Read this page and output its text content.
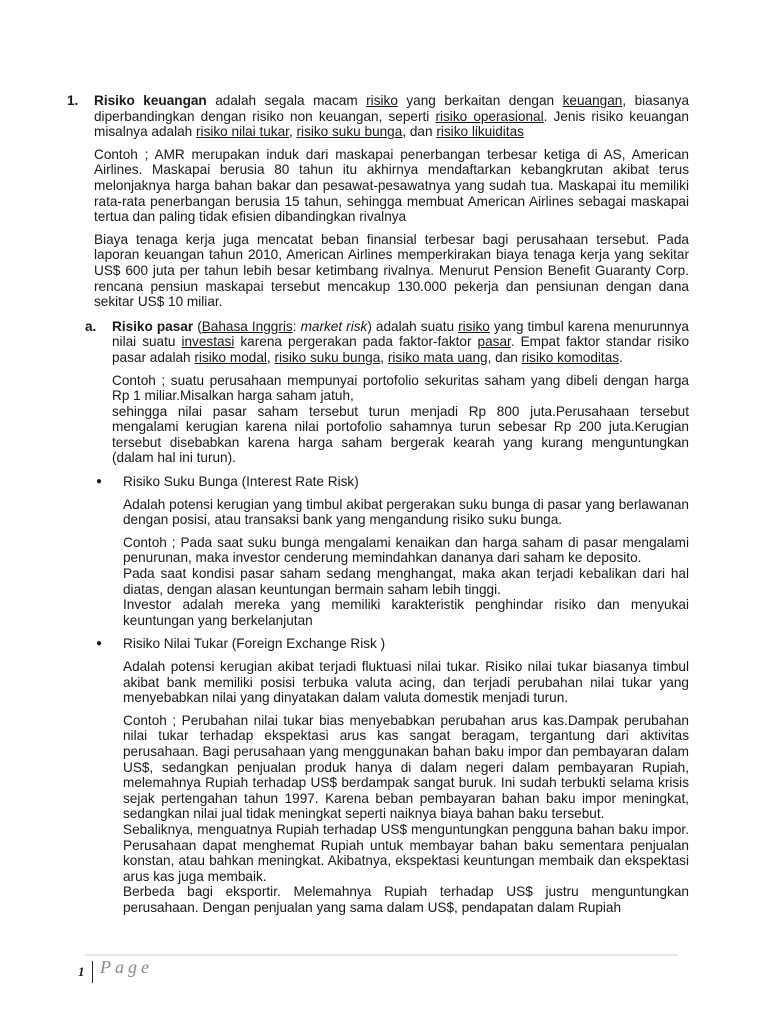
1. Risiko keuangan adalah segala macam risiko yang berkaitan dengan keuangan, biasanya diperbandingkan dengan risiko non keuangan, seperti risiko operasional. Jenis risiko keuangan misalnya adalah risiko nilai tukar, risiko suku bunga, dan risiko likuiditas

Contoh ; AMR merupakan induk dari maskapai penerbangan terbesar ketiga di AS, American Airlines. Maskapai berusia 80 tahun itu akhirnya mendaftarkan kebangkrutan akibat terus melonjaknya harga bahan bakar dan pesawat-pesawatnya yang sudah tua. Maskapai itu memiliki rata-rata penerbangan berusia 15 tahun, sehingga membuat American Airlines sebagai maskapai tertua dan paling tidak efisien dibandingkan rivalnya

Biaya tenaga kerja juga mencatat beban finansial terbesar bagi perusahaan tersebut. Pada laporan keuangan tahun 2010, American Airlines memperkirakan biaya tenaga kerja yang sekitar US$ 600 juta per tahun lebih besar ketimbang rivalnya. Menurut Pension Benefit Guaranty Corp. rencana pensiun maskapai tersebut mencakup 130.000 pekerja dan pensiunan dengan dana sekitar US$ 10 miliar.

a. Risiko pasar (Bahasa Inggris: market risk) adalah suatu risiko yang timbul karena menurunnya nilai suatu investasi karena pergerakan pada faktor-faktor pasar. Empat faktor standar risiko pasar adalah risiko modal, risiko suku bunga, risiko mata uang, dan risiko komoditas.

Contoh ; suatu perusahaan mempunyai portofolio sekuritas saham yang dibeli dengan harga Rp 1 miliar.Misalkan harga saham jatuh,

sehingga nilai pasar saham tersebut turun menjadi Rp 800 juta.Perusahaan tersebut mengalami kerugian karena nilai portofolio sahamnya turun sebesar Rp 200 juta.Kerugian tersebut disebabkan karena harga saham bergerak kearah yang kurang menguntungkan (dalam hal ini turun).

● Risiko Suku Bunga (Interest Rate Risk)

Adalah potensi kerugian yang timbul akibat pergerakan suku bunga di pasar yang berlawanan dengan posisi, atau transaksi bank yang mengandung risiko suku bunga.

Contoh ; Pada saat suku bunga mengalami kenaikan dan harga saham di pasar mengalami penurunan, maka investor cenderung memindahkan dananya dari saham ke deposito.

Pada saat kondisi pasar saham sedang menghangat, maka akan terjadi kebalikan dari hal diatas, dengan alasan keuntungan bermain saham lebih tinggi.

Investor adalah mereka yang memiliki karakteristik penghindar risiko dan menyukai keuntungan yang berkelanjutan

● Risiko Nilai Tukar (Foreign Exchange Risk )

Adalah potensi kerugian akibat terjadi fluktuasi nilai tukar. Risiko nilai tukar biasanya timbul akibat bank memiliki posisi terbuka valuta acing, dan terjadi perubahan nilai tukar yang menyebabkan nilai yang dinyatakan dalam valuta domestik menjadi turun.

Contoh ; Perubahan nilai tukar bias menyebabkan perubahan arus kas.Dampak perubahan nilai tukar terhadap ekspektasi arus kas sangat beragam, tergantung dari aktivitas perusahaan. Bagi perusahaan yang menggunakan bahan baku impor dan pembayaran dalam US$, sedangkan penjualan produk hanya di dalam negeri dalam pembayaran Rupiah, melemahnya Rupiah terhadap US$ berdampak sangat buruk. Ini sudah terbukti selama krisis sejak pertengahan tahun 1997. Karena beban pembayaran bahan baku impor meningkat, sedangkan nilai jual tidak meningkat seperti naiknya biaya bahan baku tersebut.

Sebaliknya, menguatnya Rupiah terhadap US$ menguntungkan pengguna bahan baku impor. Perusahaan dapat menghemat Rupiah untuk membayar bahan baku sementara penjualan konstan, atau bahkan meningkat. Akibatnya, ekspektasi keuntungan membaik dan ekspektasi arus kas juga membaik.

Berbeda bagi eksportir. Melemahnya Rupiah terhadap US$ justru menguntungkan perusahaan. Dengan penjualan yang sama dalam US$, pendapatan dalam Rupiah

1 Page
